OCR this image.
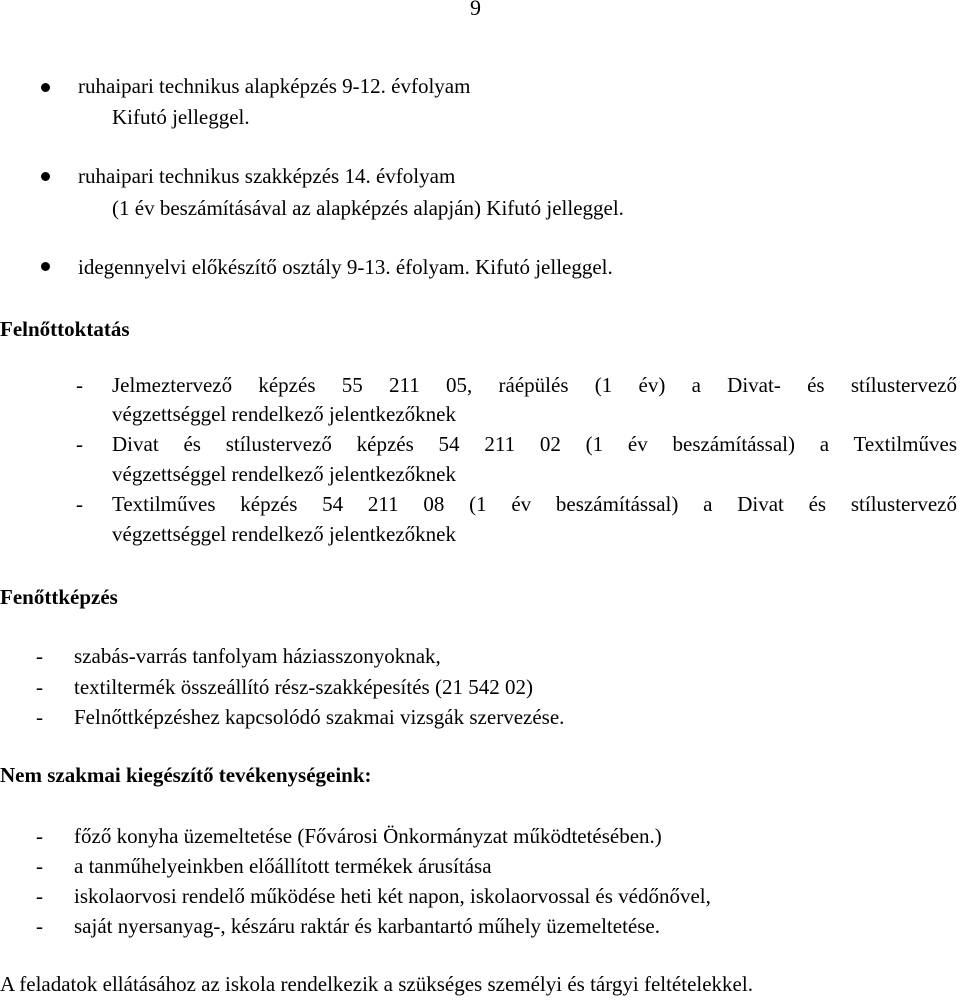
9
ruhaipari technikus alapképzés 9-12. évfolyam
Kifutó jelleggel.
ruhaipari technikus szakképzés 14. évfolyam
(1 év beszámításával az alapképzés alapján) Kifutó jelleggel.
idegennyelvi előkészítő osztály 9-13. éfolyam. Kifutó jelleggel.
Felnőttoktatás
- Jelmeztervező képzés 55 211 05, ráépülés (1 év) a Divat- és stílustervező
végzettséggel rendelkező jelentkezőknek
- Divat és stílustervező képzés 54 211 02 (1 év beszámítással) a Textilműves
végzettséggel rendelkező jelentkezőknek
- Textilműves képzés 54 211 08 (1 év beszámítással) a Divat és stílustervező
végzettséggel rendelkező jelentkezőknek
Fenőttképzés
- szabás-varrás tanfolyam háziasszonyoknak,
- textiltermék összeállító rész-szakképesítés (21 542 02)
- Felnőttképzéshez kapcsolódó szakmai vizsgák szervezése.
Nem szakmai kiegészítő tevékenységeink:
- főző konyha üzemeltetése (Fővárosi Önkormányzat működtetésében.)
- a tanműhelyeinkben előállított termékek árusítása
- iskolaorvosi rendelő működése heti két napon, iskolaorvossal és védőnővel,
- saját nyersanyag-, készáru raktár és karbantartó műhely üzemeltetése.
A feladatok ellátásához az iskola rendelkezik a szükséges személyi és tárgyi feltételekkel.
